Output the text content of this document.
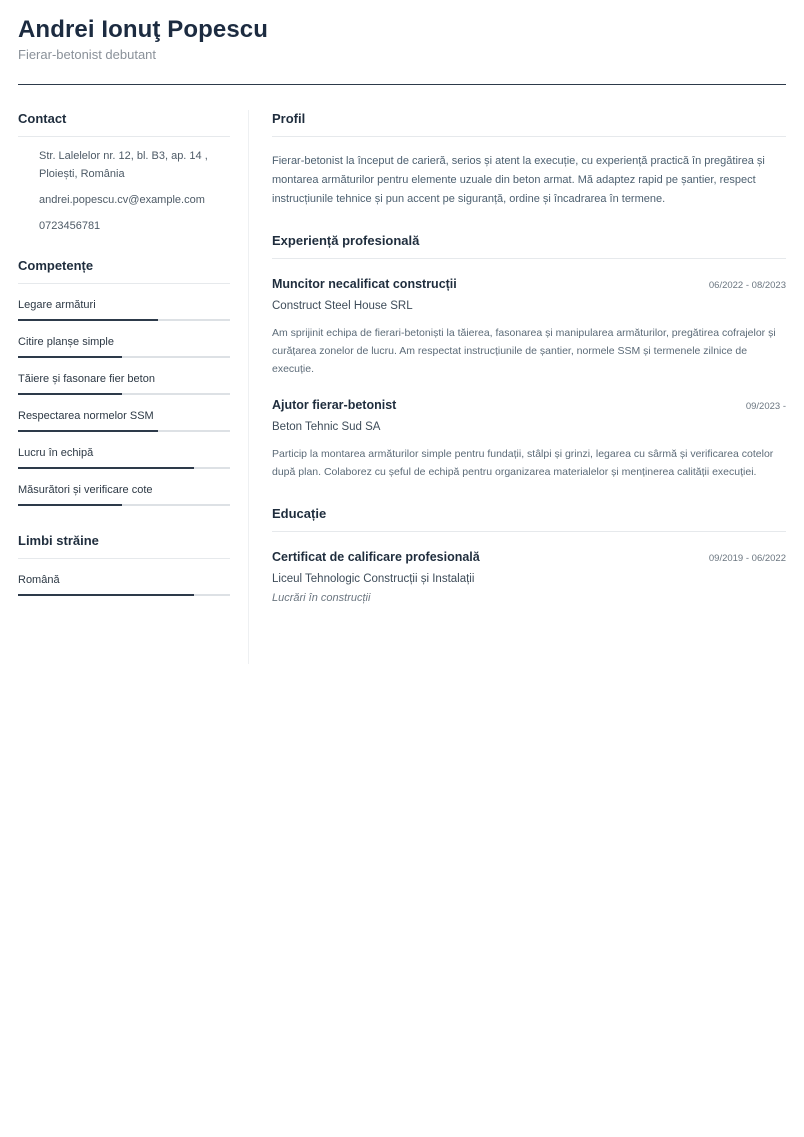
Andrei Ionuţ Popescu
Fierar-betonist debutant
Contact
Str. Lalelelor nr. 12, bl. B3, ap. 14 , Ploiești, România
andrei.popescu.cv@example.com
0723456781
Competențe
Legare armături
Citire planșe simple
Tăiere și fasonare fier beton
Respectarea normelor SSM
Lucru în echipă
Măsurători și verificare cote
Limbi străine
Română
Profil
Fierar-betonist la început de carieră, serios și atent la execuție, cu experiență practică în pregătirea și montarea armăturilor pentru elemente uzuale din beton armat. Mă adaptez rapid pe șantier, respect instrucțiunile tehnice și pun accent pe siguranță, ordine și încadrarea în termene.
Experiență profesională
Muncitor necalificat construcții	06/2022 - 08/2023
Construct Steel House SRL
Am sprijinit echipa de fierari-betoniști la tăierea, fasonarea și manipularea armăturilor, pregătirea cofrajelor și curățarea zonelor de lucru. Am respectat instrucțiunile de șantier, normele SSM și termenele zilnice de execuție.
Ajutor fierar-betonist	09/2023 -
Beton Tehnic Sud SA
Particip la montarea armăturilor simple pentru fundații, stâlpi și grinzi, legarea cu sârmă și verificarea cotelor după plan. Colaborez cu șeful de echipă pentru organizarea materialelor și menținerea calității execuției.
Educație
Certificat de calificare profesională	09/2019 - 06/2022
Liceul Tehnologic Construcții și Instalații
Lucrări în construcții
